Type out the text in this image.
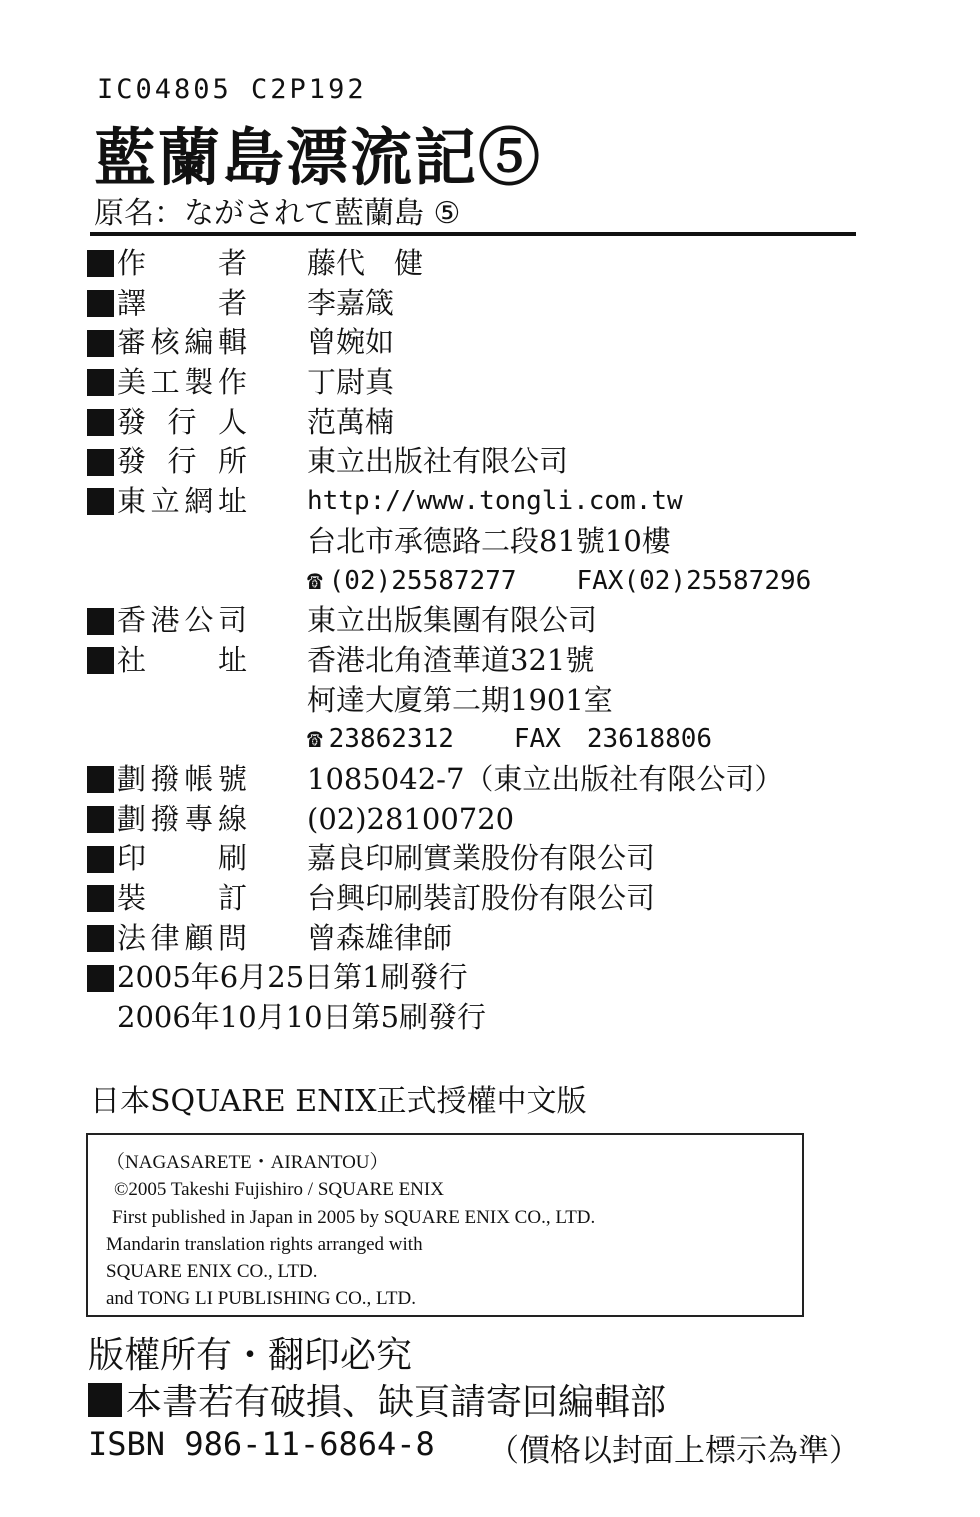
IC04805 C2P192
藍蘭島漂流記⑤
原名：ながされて藍蘭島 ⑤
作　者 藤代　健
譯　者 李嘉箴
審核編輯 曾婉如
美工製作 丁尉真
發 行 人 范萬楠
發 行 所 東立出版社有限公司
東立網址 http://www.tongli.com.tw
台北市承德路二段81號10樓
☎ (02)25587277 FAX(02)25587296
香港公司 東立出版集團有限公司
社　址 香港北角渣華道321號
柯達大廈第二期1901室
☎ 23862312 FAX　23618806
劃撥帳號 1085042-7（東立出版社有限公司）
劃撥專線 (02)28100720
印　刷 嘉良印刷實業股份有限公司
裝　訂 台興印刷裝訂股份有限公司
法律顧問 曾森雄律師
2005年6月25日第1刷發行
2006年10月10日第5刷發行
日本SQUARE ENIX正式授權中文版
（NAGASARETE・AIRANTOU）
©2005 Takeshi Fujishiro / SQUARE ENIX
First published in Japan in 2005 by SQUARE ENIX CO., LTD.
Mandarin translation rights arranged with
SQUARE ENIX CO., LTD.
and TONG LI PUBLISHING CO., LTD.
版權所有・翻印必究
本書若有破損、缺頁請寄回編輯部
ISBN 986-11-6864-8 （價格以封面上標示為準）
